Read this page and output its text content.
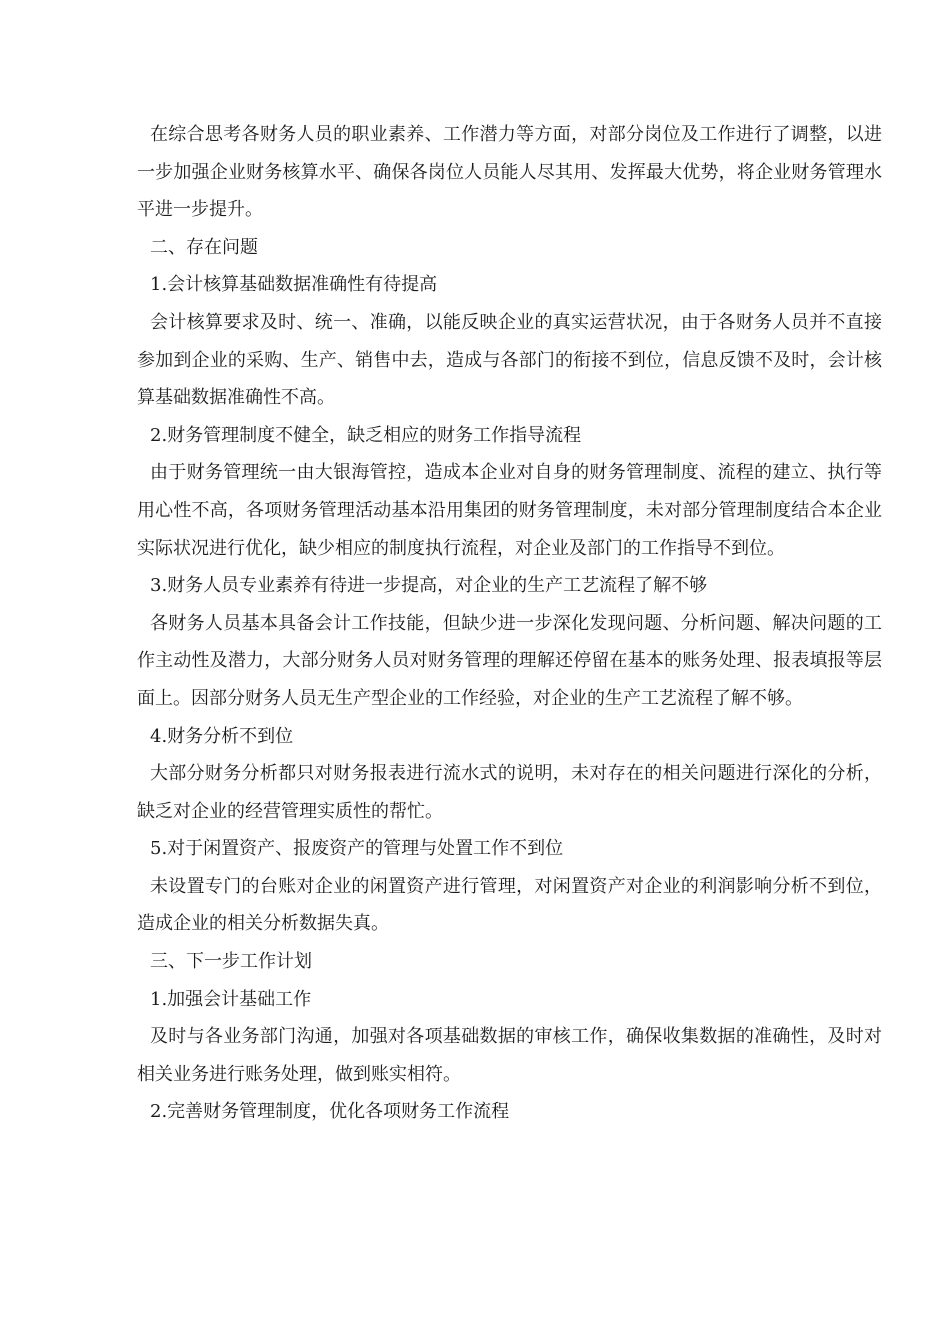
在综合思考各财务人员的职业素养、工作潜力等方面，对部分岗位及工作进行了调整，以进一步加强企业财务核算水平、确保各岗位人员能人尽其用、发挥最大优势，将企业财务管理水平进一步提升。

二、存在问题

1.会计核算基础数据准确性有待提高

会计核算要求及时、统一、准确，以能反映企业的真实运营状况，由于各财务人员并不直接参加到企业的采购、生产、销售中去，造成与各部门的衔接不到位，信息反馈不及时，会计核算基础数据准确性不高。

2.财务管理制度不健全，缺乏相应的财务工作指导流程

由于财务管理统一由大银海管控，造成本企业对自身的财务管理制度、流程的建立、执行等用心性不高，各项财务管理活动基本沿用集团的财务管理制度，未对部分管理制度结合本企业实际状况进行优化，缺少相应的制度执行流程，对企业及部门的工作指导不到位。

3.财务人员专业素养有待进一步提高，对企业的生产工艺流程了解不够

各财务人员基本具备会计工作技能，但缺少进一步深化发现问题、分析问题、解决问题的工作主动性及潜力，大部分财务人员对财务管理的理解还停留在基本的账务处理、报表填报等层面上。因部分财务人员无生产型企业的工作经验，对企业的生产工艺流程了解不够。

4.财务分析不到位

大部分财务分析都只对财务报表进行流水式的说明，未对存在的相关问题进行深化的分析，缺乏对企业的经营管理实质性的帮忙。

5.对于闲置资产、报废资产的管理与处置工作不到位

未设置专门的台账对企业的闲置资产进行管理，对闲置资产对企业的利润影响分析不到位，造成企业的相关分析数据失真。

三、下一步工作计划

1.加强会计基础工作

及时与各业务部门沟通，加强对各项基础数据的审核工作，确保收集数据的准确性，及时对相关业务进行账务处理，做到账实相符。

2.完善财务管理制度，优化各项财务工作流程
